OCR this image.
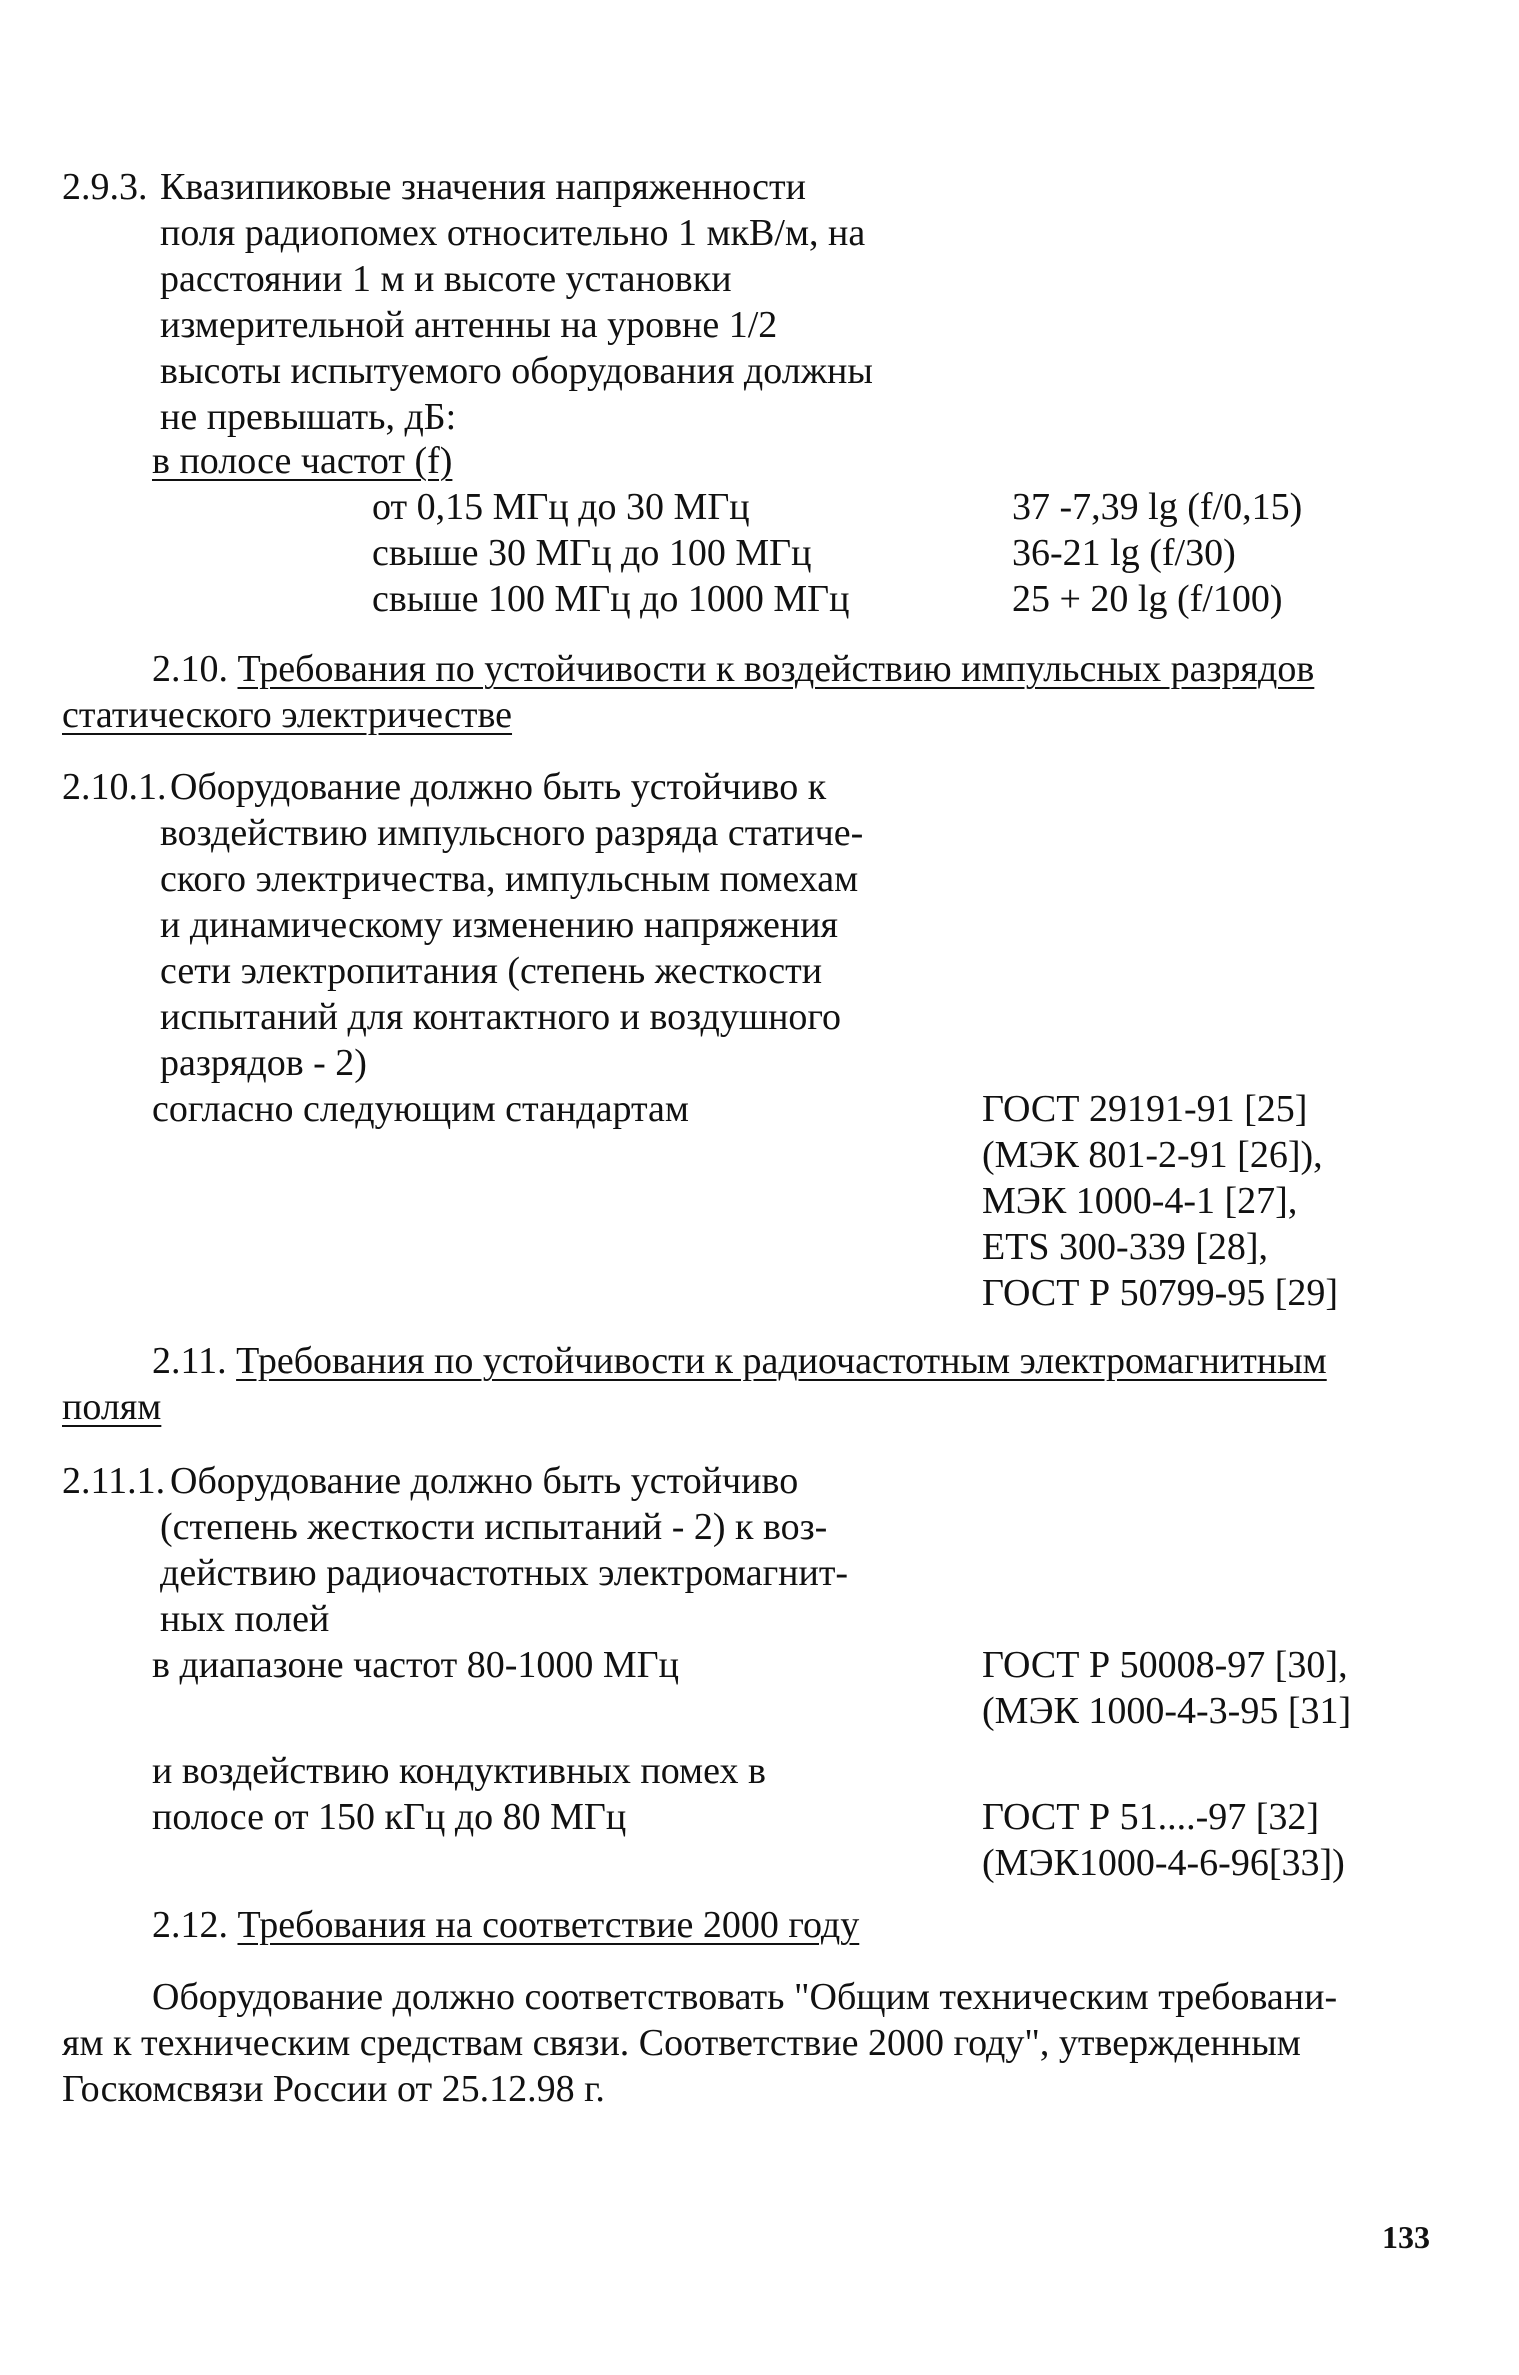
2.9.3. Квазипиковые значения напряженности
поля радиопомех относительно 1 мкВ/м, на
расстоянии 1 м и высоте установки
измерительной антенны на уровне 1/2
высоты испытуемого оборудования должны
не превышать, дБ:
в полосе частот (f)
от 0,15 МГц до 30 МГц	37 -7,39 lg (f/0,15)
свыше 30 МГц до 100 МГц	36-21 lg (f/30)
свыше 100 МГц до 1000 МГц	25 + 20 lg (f/100)
2.10. Требования по устойчивости к воздействию импульсных разрядов
статического электричестве
2.10.1. Оборудование должно быть устойчиво к
воздействию импульсного разряда статиче-
ского электричества, импульсным помехам
и динамическому изменению напряжения
сети электропитания (степень жесткости
испытаний для контактного и воздушного
разрядов - 2)
согласно следующим стандартам	ГОСТ 29191-91 [25]
(МЭК 801-2-91 [26]),
МЭК 1000-4-1 [27],
ETS 300-339 [28],
ГОСТ Р 50799-95 [29]
2.11. Требования по устойчивости к радиочастотным электромагнитным
полям
2.11.1. Оборудование должно быть устойчиво
(степень жесткости испытаний - 2) к воз-
действию радиочастотных электромагнит-
ных полей
в диапазоне частот 80-1000 МГц	ГОСТ Р 50008-97 [30],
(МЭК 1000-4-3-95 [31]
и воздействию кондуктивных помех в
полосе от 150 кГц до 80 МГц	ГОСТ Р 51....-97 [32]
(МЭК1000-4-6-96[33])
2.12. Требования на соответствие 2000 году
Оборудование должно соответствовать "Общим техническим требовани-
ям к техническим средствам связи. Соответствие 2000 году", утвержденным
Госкомсвязи России от 25.12.98 г.
133
